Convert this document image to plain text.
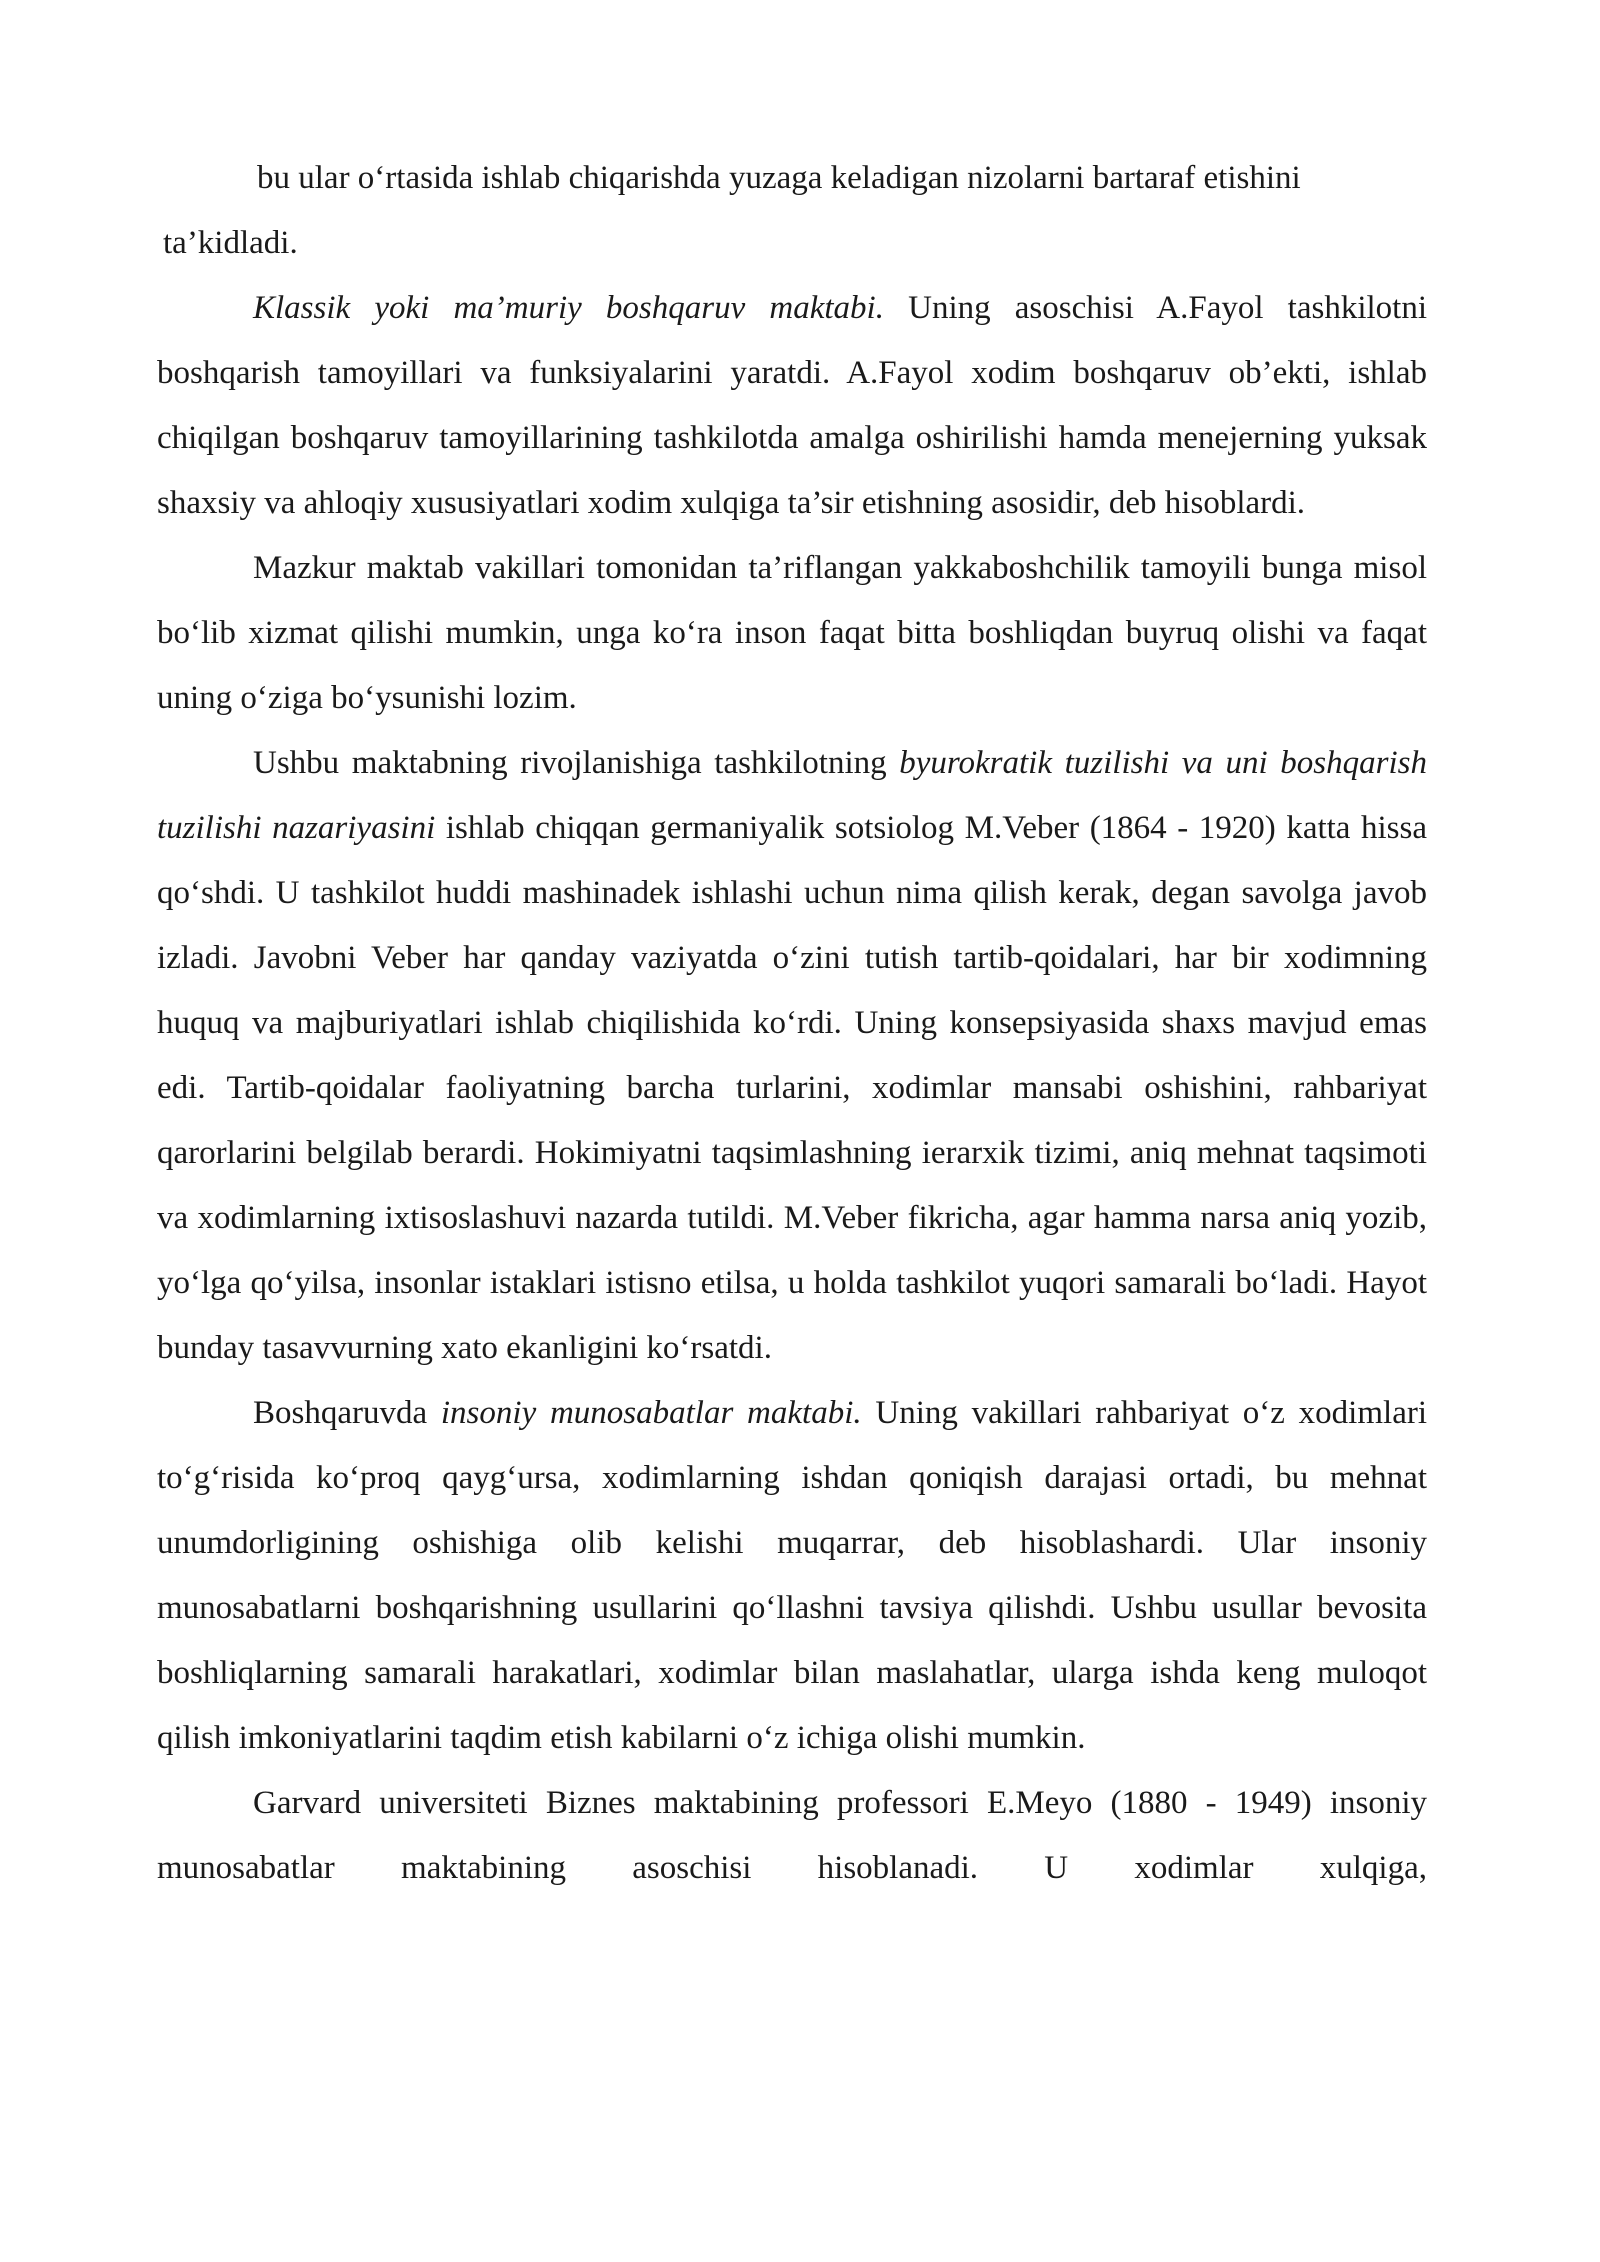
bu ular o‘rtasida ishlab chiqarishda yuzaga keladigan nizolarni bartaraf etishini
ta’kidladi.

Klassik yoki ma’muriy boshqaruv maktabi. Uning asoschisi A.Fayol tashkilotni boshqarish tamoyillari va funksiyalarini yaratdi. A.Fayol xodim boshqaruv ob’ekti, ishlab chiqilgan boshqaruv tamoyillarining tashkilotda amalga oshirilishi hamda menejerning yuksak shaxsiy va ahloqiy xususiyatlari xodim xulqiga ta’sir etishning asosidir, deb hisoblardi.

Mazkur maktab vakillari tomonidan ta’riflangan yakkaboshchilik tamoyili bunga misol bo‘lib xizmat qilishi mumkin, unga ko‘ra inson faqat bitta boshliqdan buyruq olishi va faqat uning o‘ziga bo‘ysunishi lozim.

Ushbu maktabning rivojlanishiga tashkilotning byurokratik tuzilishi va uni boshqarish tuzilishi nazariyasini ishlab chiqqan germaniyalik sotsiolog M.Veber (1864 - 1920) katta hissa qo‘shdi. U tashkilot huddi mashinadek ishlashi uchun nima qilish kerak, degan savolga javob izladi. Javobni Veber har qanday vaziyatda o‘zini tutish tartib-qoidalari, har bir xodimning huquq va majburiyatlari ishlab chiqilishida ko‘rdi. Uning konsepsiyasida shaxs mavjud emas edi. Tartib-qoidalar faoliyatning barcha turlarini, xodimlar mansabi oshishini, rahbariyat qarorlarini belgilab berardi. Hokimiyatni taqsimlashning ierarxik tizimi, aniq mehnat taqsimoti va xodimlarning ixtisoslashuvi nazarda tutildi. M.Veber fikricha, agar hamma narsa aniq yozib, yo‘lga qo‘yilsa, insonlar istaklari istisno etilsa, u holda tashkilot yuqori samarali bo‘ladi. Hayot bunday tasavvurning xato ekanligini ko‘rsatdi.

Boshqaruvda insoniy munosabatlar maktabi. Uning vakillari rahbariyat o‘z xodimlari to‘g‘risida ko‘proq qayg‘ursa, xodimlarning ishdan qoniqish darajasi ortadi, bu mehnat unumdorligining oshishiga olib kelishi muqarrar, deb hisoblashardi. Ular insoniy munosabatlarni boshqarishning usullarini qo‘llashni tavsiya qilishdi. Ushbu usullar bevosita boshliqlarning samarali harakatlari, xodimlar bilan maslahatlar, ularga ishda keng muloqot qilish imkoniyatlarini taqdim etish kabilarni o‘z ichiga olishi mumkin.

Garvard universiteti Biznes maktabining professori E.Meyo (1880 - 1949) insoniy munosabatlar maktabining asoschisi hisoblanadi. U xodimlar xulqiga,
